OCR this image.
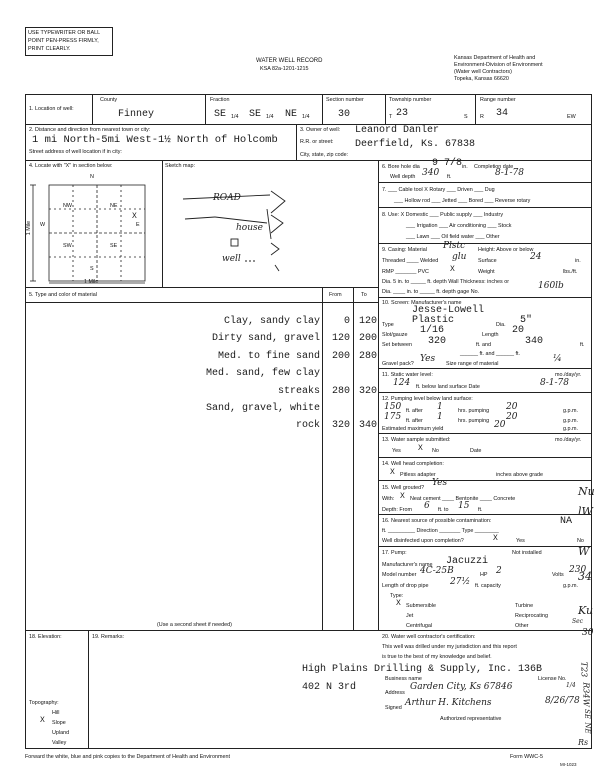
USE TYPEWRITER OR BALL
POINT PEN-PRESS FIRMLY,
PRINT CLEARLY.
WATER WELL RECORD
KSA 82a-1201-1215
Kansas Department of Health and
Environment-Division of Environment
(Water well Contractors)
Topeka, Kansas 66620
1. Location of well:
County
Finney
Fraction
SE 1/4 SE 1/4 NE 1/4
Section number
30
Township number
T 23	S
Range number
R 34	EW
2. Distance and direction from nearest town or city:
1 mi North-5mi West-1½ North of Holcomb
Street address of well location if in city:
3. Owner of well: Leanord Danler
R.R. or street: Deerfield, Ks. 67838
City, state, zip code:
4. Locate with "X" in section below:
N
S
W	E
NW	NE
SW	SE
X
1 Mile
1 Mile
Sketch map:
ROAD
house
well
5. Type and color of material	From	To
Clay, sandy clay 0 120
Dirty sand, gravel 120 200
Med. to fine sand 200 280
Med. sand, few clay
streaks 280 320
Sand, gravel, white
rock 320 340
(Use a second sheet if needed)
6. Bore hole dia 9 7/8 in. Completion date
Well depth 340 ft.	8-1-78
7. ___ Cable tool X Rotary ___ Driven ___ Dug
___ Hollow rod ___ Jetted ___ Bored ___ Reverse rotary
8. Use: X Domestic ___ Public supply ___ Industry
___ Irrigation ___ Air conditioning ___ Stock
___ Lawn ___ Oil field water ___ Other
9. Casing: Material Plstc Height: Above or below
Threaded ____ Welded glu Surface	24	in.
RMP _______ PVC	X	Weight	lbs./ft.
Dia. 5 in. to _____ ft. depth Wall Thickness: inches or
Dia. ____ in. to _____ ft. depth gage No.
160lb
10. Screen: Manufacturer's name
Jesse-Lowell
Type Plastic	Dia. 5"
Slot/gauze 1/16	Length 20
Set between 320	ft. and	340	ft.
______ ft. and ______ ft.
Gravel pack? Yes Size range of material	¼
11. Static water level:	mo./day/yr.
124 ft. below land surface Date	8-1-78
12. Pumping level below land surface:
150 ft. after 1	hrs. pumping 20	g.p.m.
175 ft. after 1	hrs. pumping 20	g.p.m.
Estimated maximum yield	20	g.p.m.
13. Water sample submitted:	mo./day/yr.
Yes X No	Date
14. Well head completion:
X Pitless adapter	inches above grade
15. Well grouted? Yes
With: X Neat cement ____ Bentonite ____ Concrete
Depth: From 6 ft. to 15 ft.
16. Nearest source of possible contamination:	NA
ft. _________ Direction _______ Type ________
Well disinfected upon completion?	X	Yes	No
17. Pump:	Not installed
Manufacturer's name Jacuzzi
Model number 4C-25B	HP 2	Volts 230
Length of drop pipe 27½ ft. capacity	g.p.m.
Type:
X Submersible	Turbine
Jet	Reciprocating
Centrifugal	Other
18. Elevation:
Topography:
Hill
X Slope
Upland
Valley
19. Remarks:	20. Water well contractor's certification:
This well was drilled under my jurisdiction and this report
is true to the best of my knowledge and belief.
High Plains Drilling & Supply, Inc. 136B
Business name	License No.
402 N 3rd	Address
Garden City, Ks 67846
Signed Arthur H. Kitchens	8/26/78
Authorized representative
Forward the white, blue and pink copies to the Department of Health and Environment	Form WWC-5
MI-1023
Nu
lW
W
34
Ku
Sec
30
T23
R34W
1/4
SE
NE
Rs
